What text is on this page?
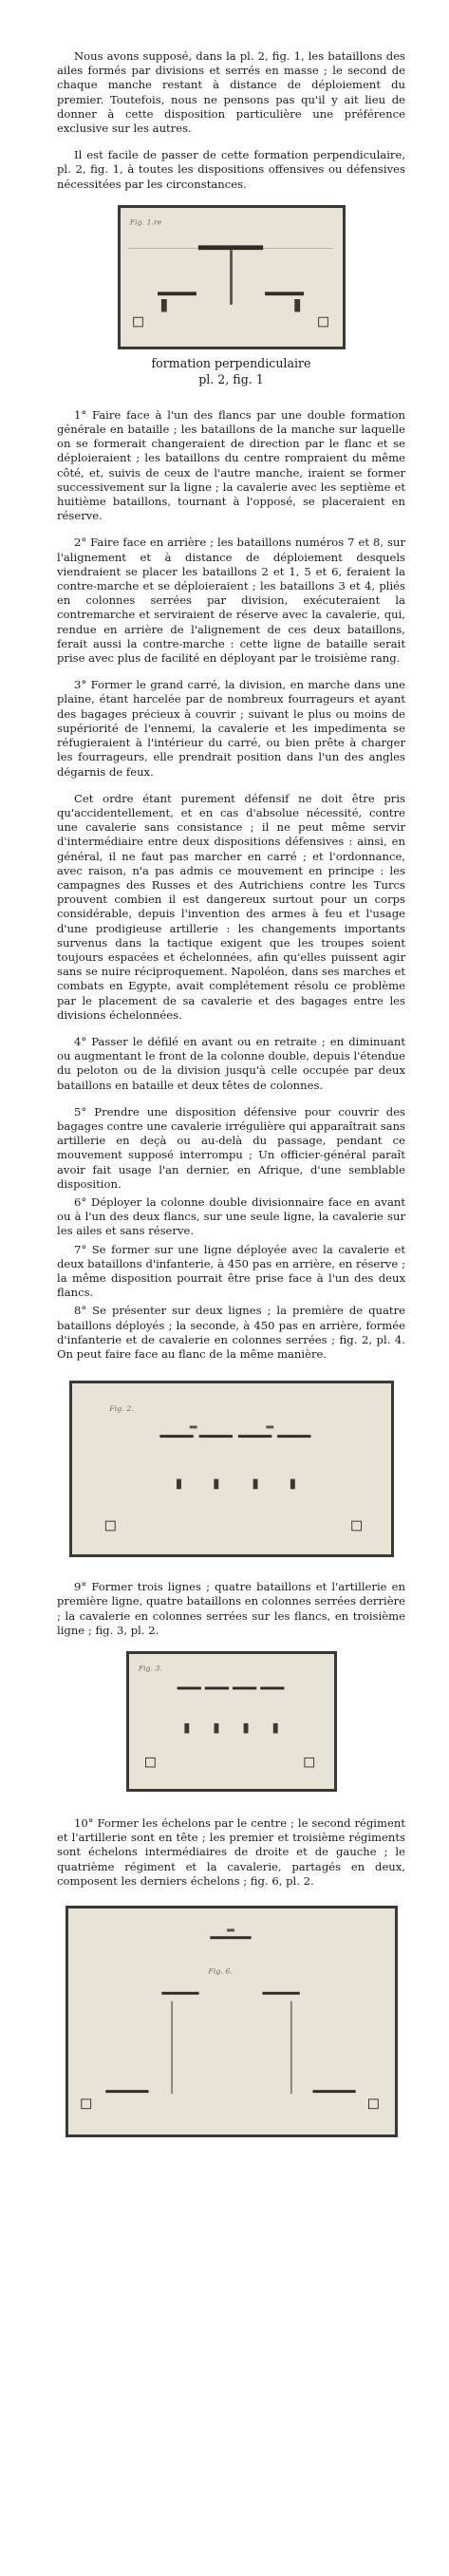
Nous avons supposé, dans la pl. 2, fig. 1, les bataillons des ailes formés par divisions et serrés en masse ; le second de chaque manche restant à distance de déploiement du premier. Toutefois, nous ne pensons pas qu'il y ait lieu de donner à cette disposition particulière une préférence exclusive sur les autres.

Il est facile de passer de cette formation perpendiculaire, pl. 2, fig. 1, à toutes les dispositions offensives ou défensives nécessitées par les circonstances.

Fig. 1.re
formation perpendiculaire
pl. 2, fig. 1

1° Faire face à l'un des flancs par une double formation générale en bataille ; les bataillons de la manche sur laquelle on se formerait changeraient de direction par le flanc et se déploieraient ; les bataillons du centre rompraient du même côté, et, suivis de ceux de l'autre manche, iraient se former successivement sur la ligne ; la cavalerie avec les septième et huitième bataillons, tournant à l'opposé, se placeraient en réserve.

2° Faire face en arrière ; les bataillons numéros 7 et 8, sur l'alignement et à distance de déploiement desquels viendraient se placer les bataillons 2 et 1, 5 et 6, feraient la contre-marche et se déploieraient ; les bataillons 3 et 4, pliés en colonnes serrées par division, exécuteraient la contremarche et serviraient de réserve avec la cavalerie, qui, rendue en arrière de l'alignement de ces deux bataillons, ferait aussi la contre-marche : cette ligne de bataille serait prise avec plus de facilité en déployant par le troisième rang.

3° Former le grand carré, la division, en marche dans une plaine, étant harcelée par de nombreux fourrageurs et ayant des bagages précieux à couvrir ; suivant le plus ou moins de supériorité de l'ennemi, la cavalerie et les impedimenta se réfugieraient à l'intérieur du carré, ou bien prête à charger les fourrageurs, elle prendrait position dans l'un des angles dégarnis de feux.

Cet ordre étant purement défensif ne doit être pris qu'accidentellement, et en cas d'absolue nécessité, contre une cavalerie sans consistance ; il ne peut même servir d'intermédiaire entre deux dispositions défensives : ainsi, en général, il ne faut pas marcher en carré ; et l'ordonnance, avec raison, n'a pas admis ce mouvement en principe : les campagnes des Russes et des Autrichiens contre les Turcs prouvent combien il est dangereux surtout pour un corps considérable, depuis l'invention des armes à feu et l'usage d'une prodigieuse artillerie : les changements importants survenus dans la tactique exigent que les troupes soient toujours espacées et échelonnées, afin qu'elles puissent agir sans se nuire réciproquement. Napoléon, dans ses marches et combats en Egypte, avait complétement résolu ce problème par le placement de sa cavalerie et des bagages entre les divisions échelonnées.

4° Passer le défilé en avant ou en retraite ; en diminuant ou augmentant le front de la colonne double, depuis l'étendue du peloton ou de la division jusqu'à celle occupée par deux bataillons en bataille et deux têtes de colonnes.

5° Prendre une disposition défensive pour couvrir des bagages contre une cavalerie irrégulière qui apparaîtrait sans artillerie en deçà ou au-delà du passage, pendant ce mouvement supposé interrompu ; Un officier-général paraît avoir fait usage l'an dernier, en Afrique, d'une semblable disposition.

6° Déployer la colonne double divisionnaire face en avant ou à l'un des deux flancs, sur une seule ligne, la cavalerie sur les ailes et sans réserve.

7° Se former sur une ligne déployée avec la cavalerie et deux bataillons d'infanterie, à 450 pas en arrière, en réserve ; la même disposition pourrait être prise face à l'un des deux flancs.

8° Se présenter sur deux lignes ; la première de quatre bataillons déployés ; la seconde, à 450 pas en arrière, formée d'infanterie et de cavalerie en colonnes serrées ; fig. 2, pl. 4. On peut faire face au flanc de la même manière.

Fig. 2.

9° Former trois lignes ; quatre bataillons et l'artillerie en première ligne, quatre bataillons en colonnes serrées derrière ; la cavalerie en colonnes serrées sur les flancs, en troisième ligne ; fig. 3, pl. 2.

Fig. 3.

10° Former les échelons par le centre ; le second régiment et l'artillerie sont en tête ; les premier et troisième régiments sont échelons intermédiaires de droite et de gauche ; le quatrième régiment et la cavalerie, partagés en deux, composent les derniers échelons ; fig. 6, pl. 2.

Fig. 6.
